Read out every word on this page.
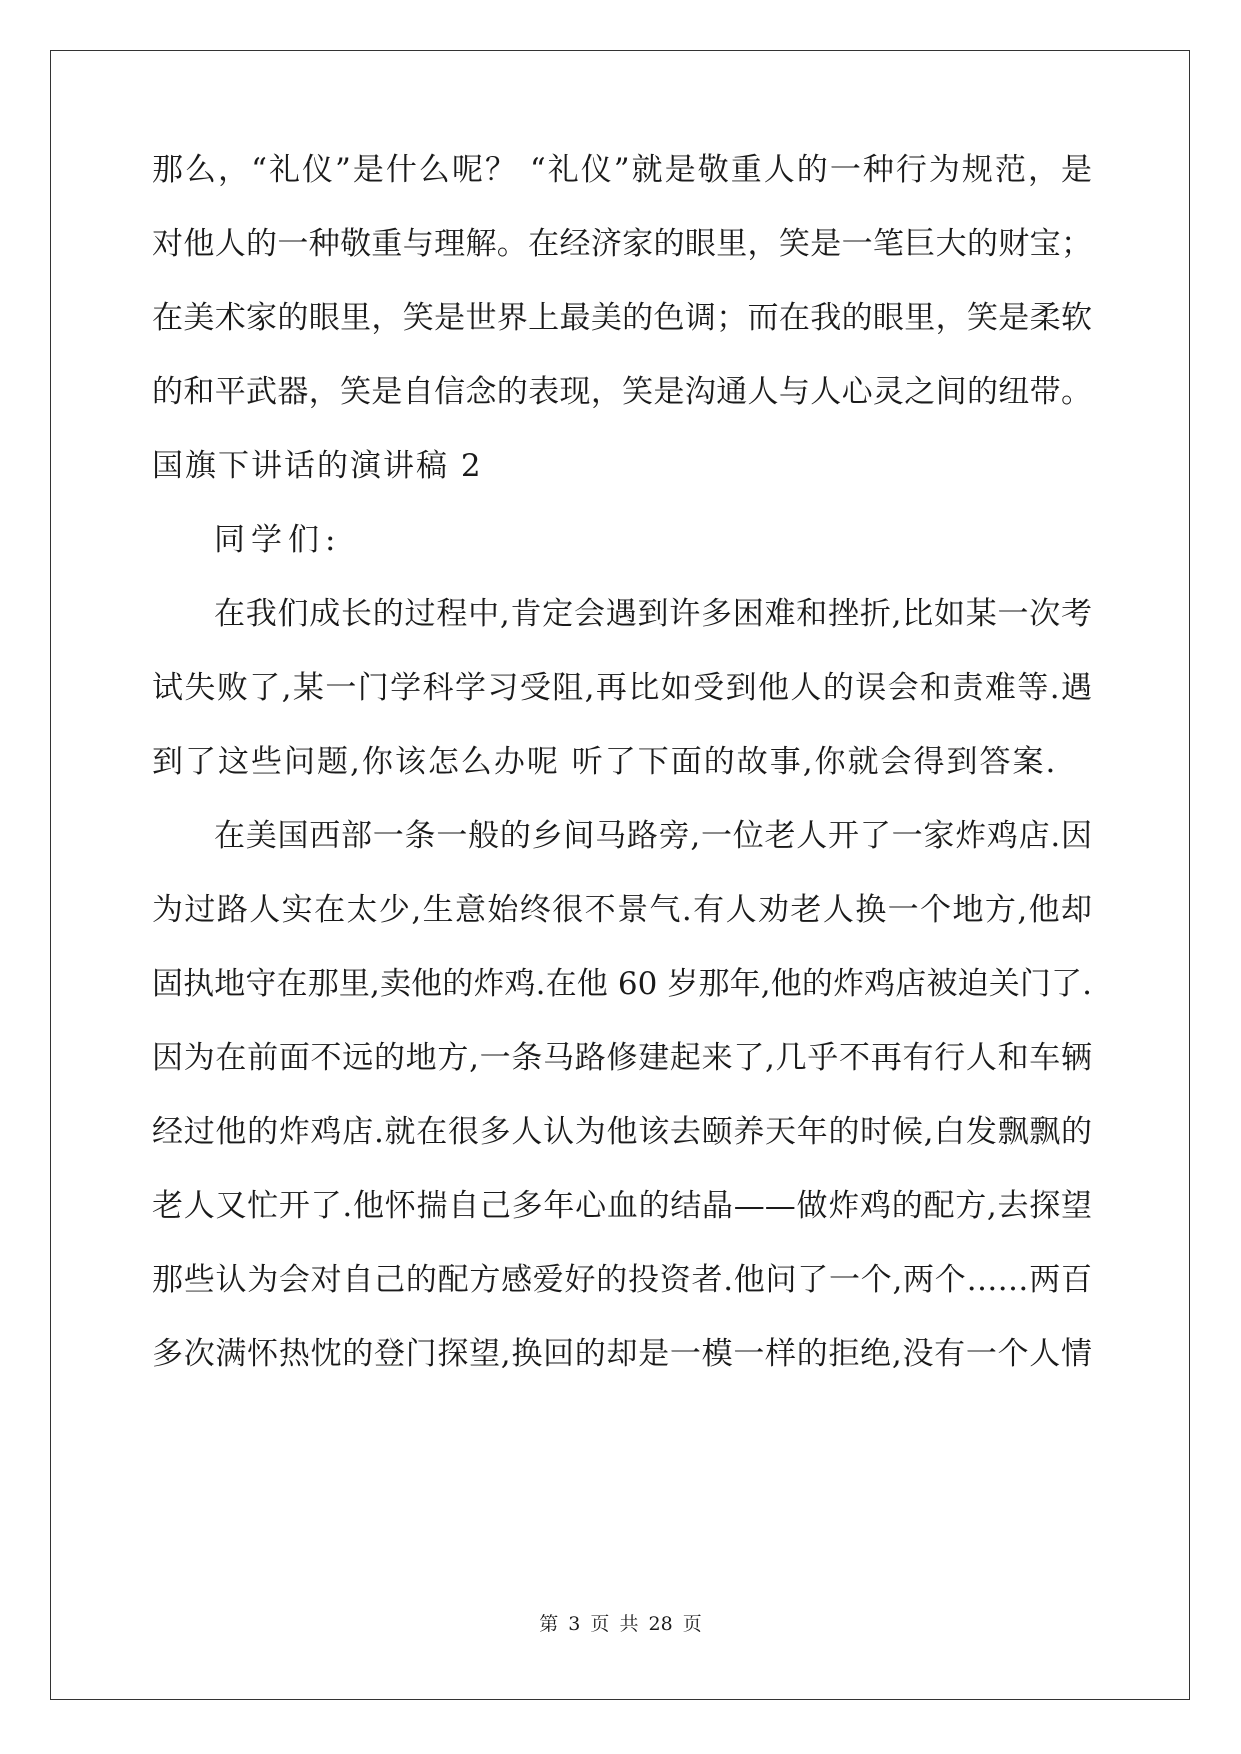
那么，“礼仪”是什么呢？ “礼仪”就是敬重人的一种行为规范，是
对他人的一种敬重与理解。在经济家的眼里，笑是一笔巨大的财宝；
在美术家的眼里，笑是世界上最美的色调；而在我的眼里，笑是柔软
的和平武器，笑是自信念的表现，笑是沟通人与人心灵之间的纽带。
国旗下讲话的演讲稿 2
同学们:
在我们成长的过程中,肯定会遇到许多困难和挫折,比如某一次考
试失败了,某一门学科学习受阻,再比如受到他人的误会和责难等.遇
到了这些问题,你该怎么办呢 听了下面的故事,你就会得到答案.
在美国西部一条一般的乡间马路旁,一位老人开了一家炸鸡店.因
为过路人实在太少,生意始终很不景气.有人劝老人换一个地方,他却
固执地守在那里,卖他的炸鸡.在他 60 岁那年,他的炸鸡店被迫关门了.
因为在前面不远的地方,一条马路修建起来了,几乎不再有行人和车辆
经过他的炸鸡店.就在很多人认为他该去颐养天年的时候,白发飘飘的
老人又忙开了.他怀揣自己多年心血的结晶——做炸鸡的配方,去探望
那些认为会对自己的配方感爱好的投资者.他问了一个,两个……两百
多次满怀热忱的登门探望,换回的却是一模一样的拒绝,没有一个人情
第 3 页 共 28 页
